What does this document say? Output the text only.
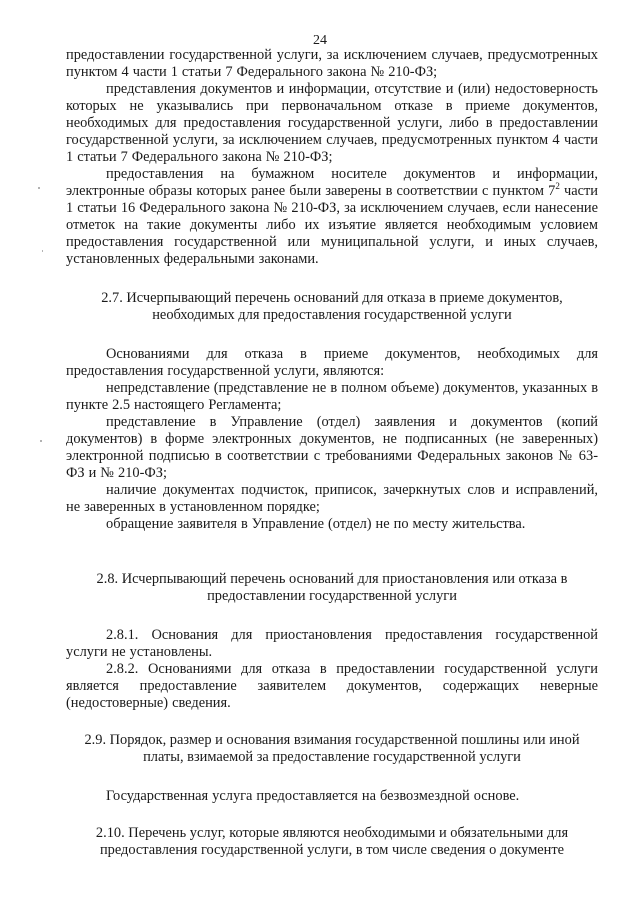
24

предоставлении государственной услуги, за исключением случаев, предусмотренных пунктом 4 части 1 статьи 7 Федерального закона № 210-ФЗ;

представления документов и информации, отсутствие и (или) недостоверность которых не указывались при первоначальном отказе в приеме документов, необходимых для предоставления государственной услуги, либо в предоставлении государственной услуги, за исключением случаев, предусмотренных пунктом 4 части 1 статьи 7 Федерального закона № 210-ФЗ;

предоставления на бумажном носителе документов и информации, электронные образы которых ранее были заверены в соответствии с пунктом $7^2$ части 1 статьи 16 Федерального закона № 210-ФЗ, за исключением случаев, если нанесение отметок на такие документы либо их изъятие является необходимым условием предоставления государственной или муниципальной услуги, и иных случаев, установленных федеральными законами.

2.7. Исчерпывающий перечень оснований для отказа в приеме документов, необходимых для предоставления государственной услуги

Основаниями для отказа в приеме документов, необходимых для предоставления государственной услуги, являются:

непредставление (представление не в полном объеме) документов, указанных в пункте 2.5 настоящего Регламента;

представление в Управление (отдел) заявления и документов (копий документов) в форме электронных документов, не подписанных (не заверенных) электронной подписью в соответствии с требованиями Федеральных законов № 63-ФЗ и № 210-ФЗ;

наличие документах подчисток, приписок, зачеркнутых слов и исправлений, не заверенных в установленном порядке;

обращение заявителя в Управление (отдел) не по месту жительства.

2.8. Исчерпывающий перечень оснований для приостановления или отказа в предоставлении государственной услуги

2.8.1. Основания для приостановления предоставления государственной услуги не установлены.

2.8.2. Основаниями для отказа в предоставлении государственной услуги является предоставление заявителем документов, содержащих неверные (недостоверные) сведения.

2.9. Порядок, размер и основания взимания государственной пошлины или иной платы, взимаемой за предоставление государственной услуги

Государственная услуга предоставляется на безвозмездной основе.

2.10. Перечень услуг, которые являются необходимыми и обязательными для предоставления государственной услуги, в том числе сведения о документе
